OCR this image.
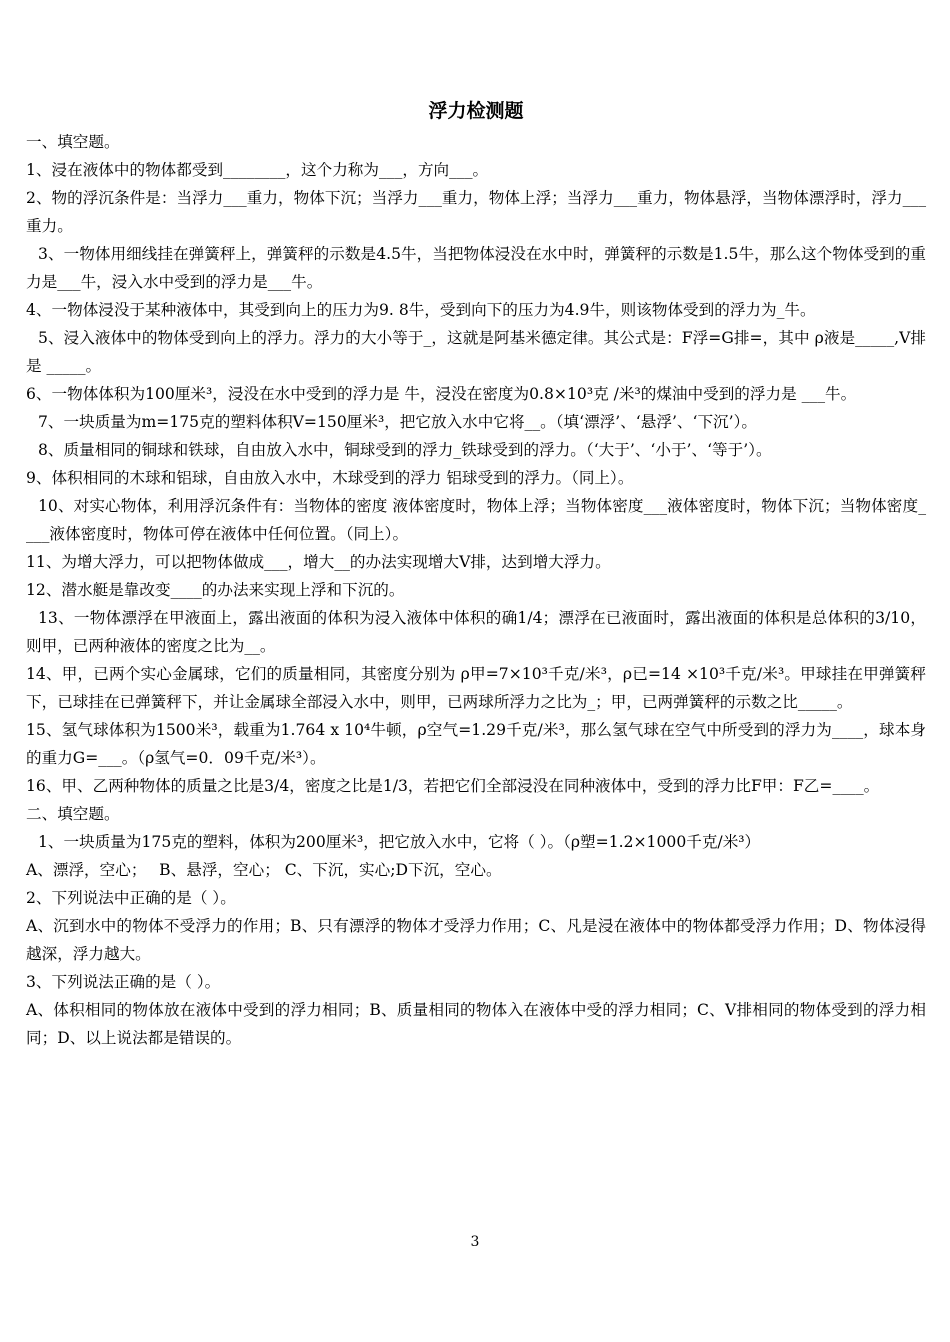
浮力检测题

一、填空题。

1、浸在液体中的物体都受到________，这个力称为___，方向___。

2、物的浮沉条件是：当浮力___重力，物体下沉；当浮力___重力，物体上浮；当浮力___重力，物体悬浮，当物体漂浮时，浮力___重力。

3、一物体用细线挂在弹簧秤上，弹簧秤的示数是4.5牛，当把物体浸没在水中时，弹簧秤的示数是1.5牛，那么这个物体受到的重力是___牛，浸入水中受到的浮力是___牛。

4、一物体浸没于某种液体中，其受到向上的压力为9. 8牛，受到向下的压力为4.9牛，则该物体受到的浮力为_牛。

5、浸入液体中的物体受到向上的浮力。浮力的大小等于_，这就是阿基米德定律。其公式是：F浮=G排=，其中 ρ液是_____,V排是 _____。

6、一物体体积为100厘米³，浸没在水中受到的浮力是 牛，浸没在密度为0.8×10³克 /米³的煤油中受到的浮力是 ___牛。

7、一块质量为m=175克的塑料体积V=150厘米³，把它放入水中它将__。（填‘漂浮’、‘悬浮’、‘下沉’）。

8、质量相同的铜球和铁球，自由放入水中，铜球受到的浮力_铁球受到的浮力。（‘大于’、‘小于’、‘等于’）。

9、体积相同的木球和铝球，自由放入水中，木球受到的浮力 铝球受到的浮力。（同上）。

10、对实心物体，利用浮沉条件有：当物体的密度 液体密度时，物体上浮；当物体密度___液体密度时，物体下沉；当物体密度____液体密度时，物体可停在液体中任何位置。（同上）。

11、为增大浮力，可以把物体做成___，增大__的办法实现增大V排，达到增大浮力。

12、潜水艇是靠改变____的办法来实现上浮和下沉的。

13、一物体漂浮在甲液面上，露出液面的体积为浸入液体中体积的确1/4；漂浮在已液面时，露出液面的体积是总体积的3/10，则甲，已两种液体的密度之比为__。

14、甲，已两个实心金属球，它们的质量相同，其密度分别为 ρ甲=7×10³千克/米³，ρ已=14 ×10³千克/米³。甲球挂在甲弹簧秤下，已球挂在已弹簧秤下，并让金属球全部浸入水中，则甲，已两球所浮力之比为_；甲，已两弹簧秤的示数之比_____。

15、氢气球体积为1500米³，载重为1.764 x 10⁴牛顿，ρ空气=1.29千克/米³，那么氢气球在空气中所受到的浮力为____，球本身的重力G=___。（ρ氢气=0．09千克/米³）。

16、甲、乙两种物体的质量之比是3/4，密度之比是1/3，若把它们全部浸没在同种液体中，受到的浮力比F甲：F乙=____。

二、填空题。

1、一块质量为175克的塑料，体积为200厘米³，把它放入水中，它将（ ）。（ρ塑=1.2×1000千克/米³）

A、漂浮，空心；　 B、悬浮，空心； C、下沉，实心;D下沉，空心。

2、下列说法中正确的是（ ）。

A、沉到水中的物体不受浮力的作用；B、只有漂浮的物体才受浮力作用；C、凡是浸在液体中的物体都受浮力作用；D、物体浸得越深，浮力越大。

3、下列说法正确的是（ ）。

A、体积相同的物体放在液体中受到的浮力相同；B、质量相同的物体入在液体中受的浮力相同；C、V排相同的物体受到的浮力相同；D、以上说法都是错误的。

3
